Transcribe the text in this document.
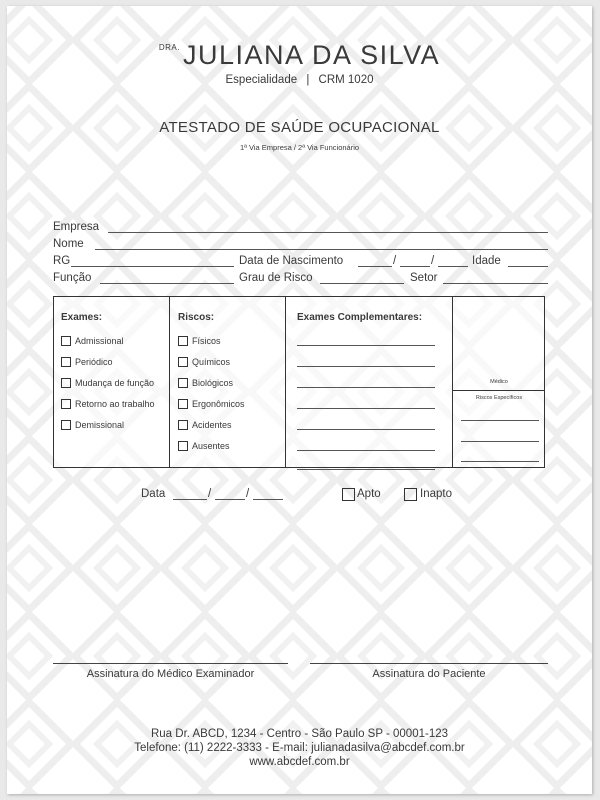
$^{DRA.}$ JULIANA DA SILVA
Especialidade | CRM 1020
ATESTADO DE SAÚDE OCUPACIONAL
1ª Via Empresa / 2ª Via Funcionário
Empresa
Nome
RG	Data de Nascimento	/	/	Idade
Função	Grau de Risco	Setor
Exames:
Admissional
Periódico
Mudança de função
Retorno ao trabalho
Demissional
Riscos:
Físicos
Químicos
Biológicos
Ergonômicos
Acidentes
Ausentes
Exames Complementares:
Médico
Riscos Específicos
Data	/	/	Apto	Inapto
Assinatura do Médico Examinador	Assinatura do Paciente
Rua Dr. ABCD, 1234 - Centro - São Paulo SP - 00001-123
Telefone: (11) 2222-3333 - E-mail: julianadasilva@abcdef.com.br
www.abcdef.com.br
